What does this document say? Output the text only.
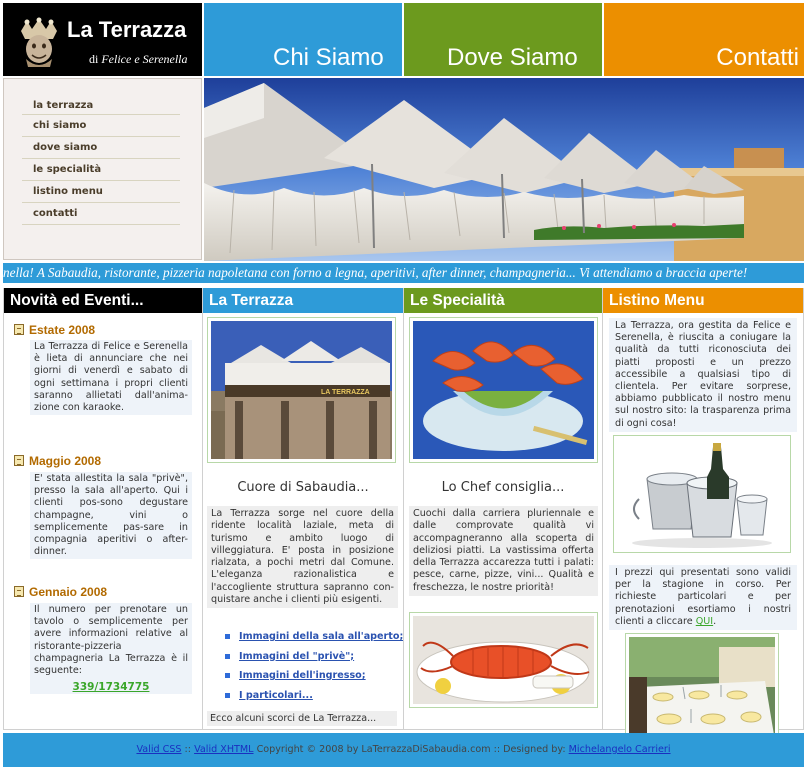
La Terrazza
di Felice e Serenella	Chi Siamo	Dove Siamo	Contatti
la terrazza
chi siamo
dove siamo
le specialità
listino menu
contatti
nella! A Sabaudia, ristorante, pizzeria napoletana con forno a legna, aperitivi, after dinner, champagneria... Vi attendiamo a braccia aperte!
Novità ed Eventi...
Estate 2008
La Terrazza di Felice e Serenella è lieta di annunciare che nei giorni di venerdì e sabato di ogni settimana i propri clienti saranno allietati dall'anima-zione con karaoke.
Maggio 2008
E' stata allestita la sala "privè", presso la sala all'aperto. Qui i clienti pos-sono degustare champagne, vini o semplicemente pas-sare in compagnia aperitivi o after-dinner.
Gennaio 2008
Il numero per prenotare un tavolo o semplicemente per avere informazioni relative al ristorante-pizzeria champagneria La Terrazza è il seguente:
339/1734775
La Terrazza
LA TERRAZZA
Cuore di Sabaudia...
La Terrazza sorge nel cuore della ridente località laziale, meta di turismo e ambito luogo di villeggiatura. E' posta in posizione rialzata, a pochi metri dal Comune. L'eleganza razionalistica e l'accogliente struttura sapranno con-quistare anche i clienti più esigenti.
Immagini della sala all'aperto;
Immagini del "privè";
Immagini dell'ingresso;
I particolari...
Ecco alcuni scorci de La Terrazza...
Le Specialità
Lo Chef consiglia...
Cuochi dalla carriera pluriennale e dalle comprovate qualità vi accompagneranno alla scoperta di deliziosi piatti. La vastissima offerta della Terrazza accarezza tutti i palati: pesce, carne, pizze, vini... Qualità e freschezza, le nostre priorità!
Listino Menu
La Terrazza, ora gestita da Felice e Serenella, è riuscita a coniugare la qualità da tutti riconosciuta dei piatti proposti e un prezzo accessibile a qualsiasi tipo di clientela. Per evitare sorprese, abbiamo pubblicato il nostro menu sul nostro sito: la trasparenza prima di ogni cosa!
I prezzi qui presentati sono validi per la stagione in corso. Per richieste particolari e per prenotazioni esortiamo i nostri clienti a cliccare QUI.
Valid CSS :: Valid XHTML Copyright © 2008 by LaTerrazzaDiSabaudia.com :: Designed by: Michelangelo Carrieri
